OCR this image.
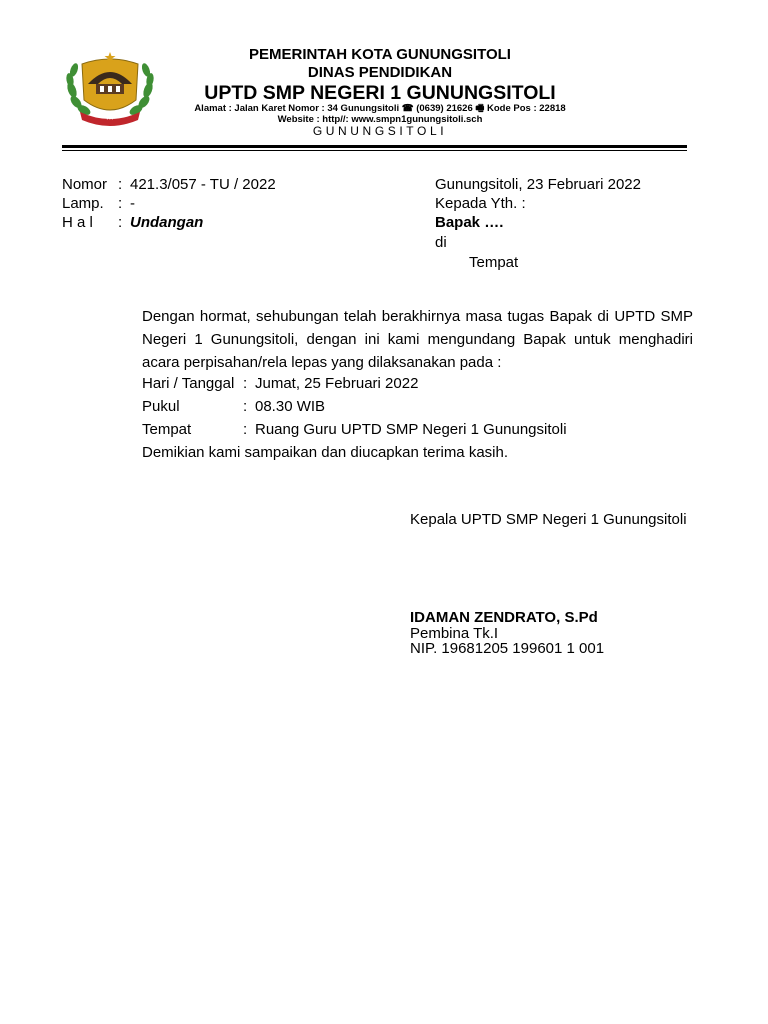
▪ ▪ ▪
PEMERINTAH KOTA GUNUNGSITOLI
DINAS PENDIDIKAN
UPTD SMP NEGERI 1 GUNUNGSITOLI
Alamat : Jalan Karet Nomor : 34 Gunungsitoli ☎ (0639) 21626 🖷 Kode Pos : 22818
Website : http//: www.smpn1gunungsitoli.sch
GUNUNGSITOLI
Nomor : 421.3/057 - TU / 2022
Lamp. : -
H a l : Undangan
Gunungsitoli, 23 Februari 2022
Kepada Yth. :
Bapak ….
di
Tempat
Dengan hormat, sehubungan telah berakhirnya masa tugas Bapak di UPTD SMP Negeri 1 Gunungsitoli, dengan ini kami mengundang Bapak untuk menghadiri acara perpisahan/rela lepas yang dilaksanakan pada :
Hari / Tanggal : Jumat, 25 Februari 2022
Pukul	: 08.30 WIB
Tempat	: Ruang Guru UPTD SMP Negeri 1 Gunungsitoli
Demikian kami sampaikan dan diucapkan terima kasih.
Kepala UPTD SMP Negeri 1 Gunungsitoli
IDAMAN ZENDRATO, S.Pd
Pembina Tk.I
NIP. 19681205 199601 1 001
